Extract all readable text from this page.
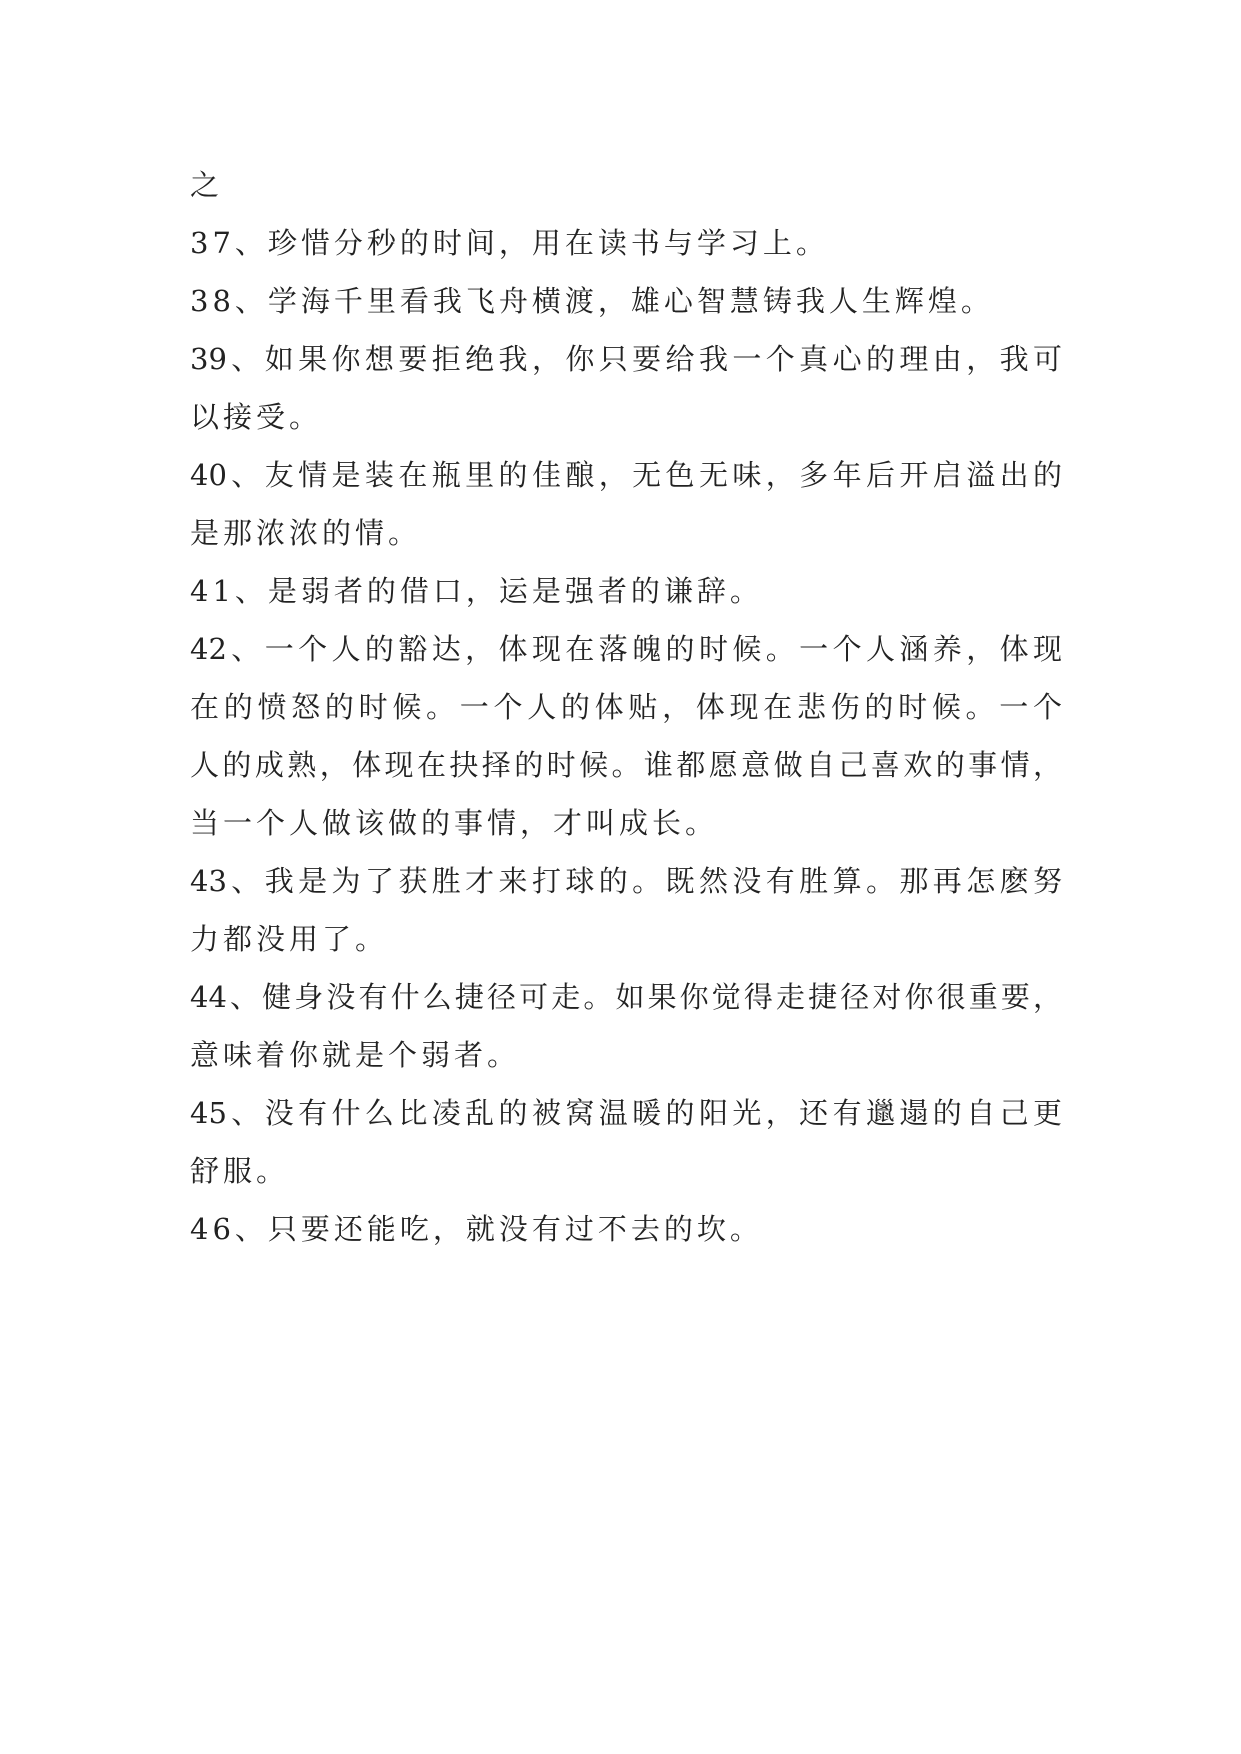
之
37、珍惜分秒的时间，用在读书与学习上。
38、学海千里看我飞舟横渡，雄心智慧铸我人生辉煌。
39、如果你想要拒绝我，你只要给我一个真心的理由，我可
以接受。
40、友情是装在瓶里的佳酿，无色无味，多年后开启溢出的
是那浓浓的情。
41、是弱者的借口，运是强者的谦辞。
42、一个人的豁达，体现在落魄的时候。一个人涵养，体现
在的愤怒的时候。一个人的体贴，体现在悲伤的时候。一个
人的成熟，体现在抉择的时候。谁都愿意做自己喜欢的事情，
当一个人做该做的事情，才叫成长。
43、我是为了获胜才来打球的。既然没有胜算。那再怎麽努
力都没用了。
44、健身没有什么捷径可走。如果你觉得走捷径对你很重要，
意味着你就是个弱者。
45、没有什么比凌乱的被窝温暖的阳光，还有邋遢的自己更
舒服。
46、只要还能吃，就没有过不去的坎。
